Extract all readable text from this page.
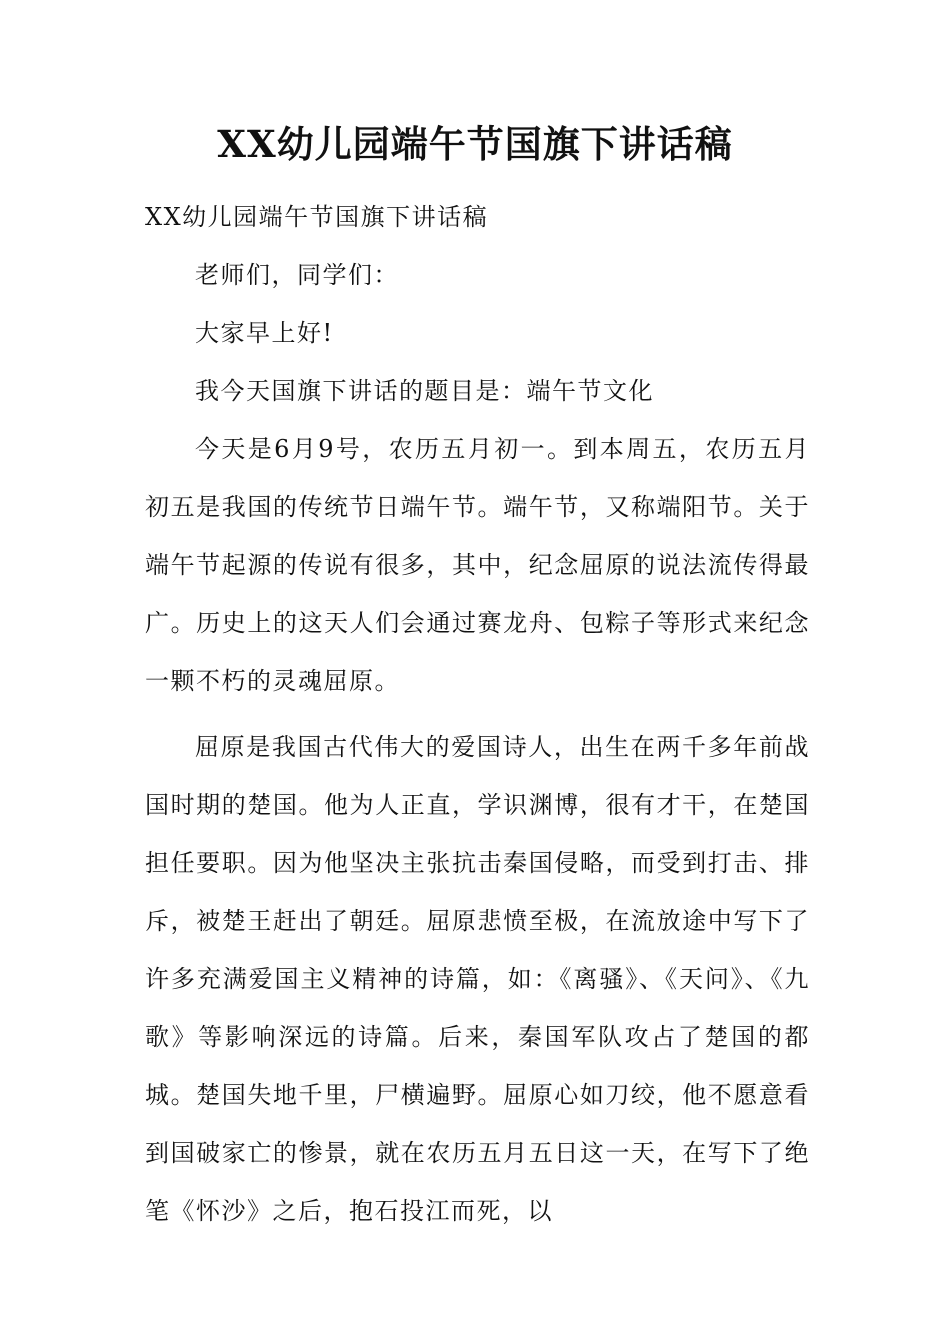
XX幼儿园端午节国旗下讲话稿

XX幼儿园端午节国旗下讲话稿

老师们，同学们：

大家早上好!

我今天国旗下讲话的题目是：端午节文化

今天是6月9号，农历五月初一。到本周五，农历五月初五是我国的传统节日端午节。端午节，又称端阳节。关于端午节起源的传说有很多，其中，纪念屈原的说法流传得最广。历史上的这天人们会通过赛龙舟、包粽子等形式来纪念一颗不朽的灵魂屈原。

屈原是我国古代伟大的爱国诗人，出生在两千多年前战国时期的楚国。他为人正直，学识渊博，很有才干，在楚国担任要职。因为他坚决主张抗击秦国侵略，而受到打击、排斥，被楚王赶出了朝廷。屈原悲愤至极，在流放途中写下了许多充满爱国主义精神的诗篇，如：《离骚》、《天问》、《九歌》等影响深远的诗篇。后来，秦国军队攻占了楚国的都城。楚国失地千里，尸横遍野。屈原心如刀绞，他不愿意看到国破家亡的惨景，就在农历五月五日这一天，在写下了绝笔《怀沙》之后，抱石投江而死，以
